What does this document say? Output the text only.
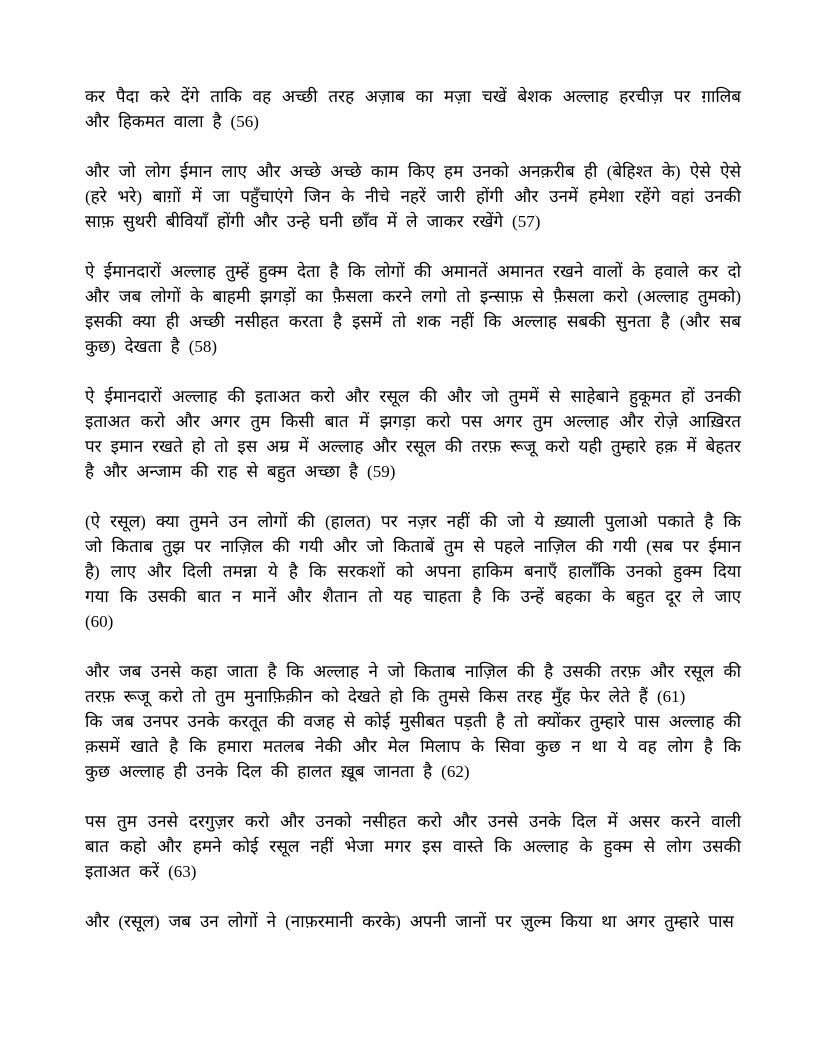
कर पैदा करे देंगे ताकि वह अच्छी तरह अज़ाब का मज़ा चखें बेशक अल्लाह हरचीज़ पर ग़ालिब और हिकमत वाला है (56)

और जो लोग ईमान लाए और अच्छे अच्छे काम किए हम उनको अनक़रीब ही (बेहिश्त के) ऐसे ऐसे (हरे भरे) बाग़ों में जा पहुँचाएंगे जिन के नीचे नहरें जारी होंगी और उनमें हमेशा रहेंगे वहां उनकी साफ़ सुथरी बीवियाँ होंगी और उन्हे घनी छाँव में ले जाकर रखेंगे (57)

ऐ ईमानदारों अल्लाह तुम्हें हुक्म देता है कि लोगों की अमानतें अमानत रखने वालों के हवाले कर दो और जब लोगों के बाहमी झगड़ों का फ़ैसला करने लगो तो इन्साफ़ से फ़ैसला करो (अल्लाह तुमको) इसकी क्या ही अच्छी नसीहत करता है इसमें तो शक नहीं कि अल्लाह सबकी सुनता है (और सब कुछ) देखता है (58)

ऐ ईमानदारों अल्लाह की इताअत करो और रसूल की और जो तुममें से साहेबाने हुकूमत हों उनकी इताअत करो और अगर तुम किसी बात में झगड़ा करो पस अगर तुम अल्लाह और रोज़े आख़िरत पर इमान रखते हो तो इस अम्र में अल्लाह और रसूल की तरफ़ रूजू करो यही तुम्हारे हक़ में बेहतर है और अन्जाम की राह से बहुत अच्छा है (59)

(ऐ रसूल) क्या तुमने उन लोगों की (हालत) पर नज़र नहीं की जो ये ख़्याली पुलाओ पकाते है कि जो किताब तुझ पर नाज़िल की गयी और जो किताबें तुम से पहले नाज़िल की गयी (सब पर ईमान है) लाए और दिली तमन्ना ये है कि सरकशों को अपना हाकिम बनाएँ हालाँकि उनको हुक्म दिया गया कि उसकी बात न मानें और शैतान तो यह चाहता है कि उन्हें बहका के बहुत दूर ले जाए (60)

और जब उनसे कहा जाता है कि अल्लाह ने जो किताब नाज़िल की है उसकी तरफ़ और रसूल की तरफ़ रूजू करो तो तुम मुनाफ़िक़ीन को देखते हो कि तुमसे किस तरह मुँह फेर लेते हैं (61)

कि जब उनपर उनके करतूत की वजह से कोई मुसीबत पड़ती है तो क्योंकर तुम्हारे पास अल्लाह की क़समें खाते है कि हमारा मतलब नेकी और मेल मिलाप के सिवा कुछ न था ये वह लोग है कि कुछ अल्लाह ही उनके दिल की हालत ख़ूब जानता है (62)

पस तुम उनसे दरगुज़र करो और उनको नसीहत करो और उनसे उनके दिल में असर करने वाली बात कहो और हमने कोई रसूल नहीं भेजा मगर इस वास्ते कि अल्लाह के हुक्म से लोग उसकी इताअत करें (63)

और (रसूल) जब उन लोगों ने (नाफ़रमानी करके) अपनी जानों पर ज़ुल्म किया था अगर तुम्हारे पास
